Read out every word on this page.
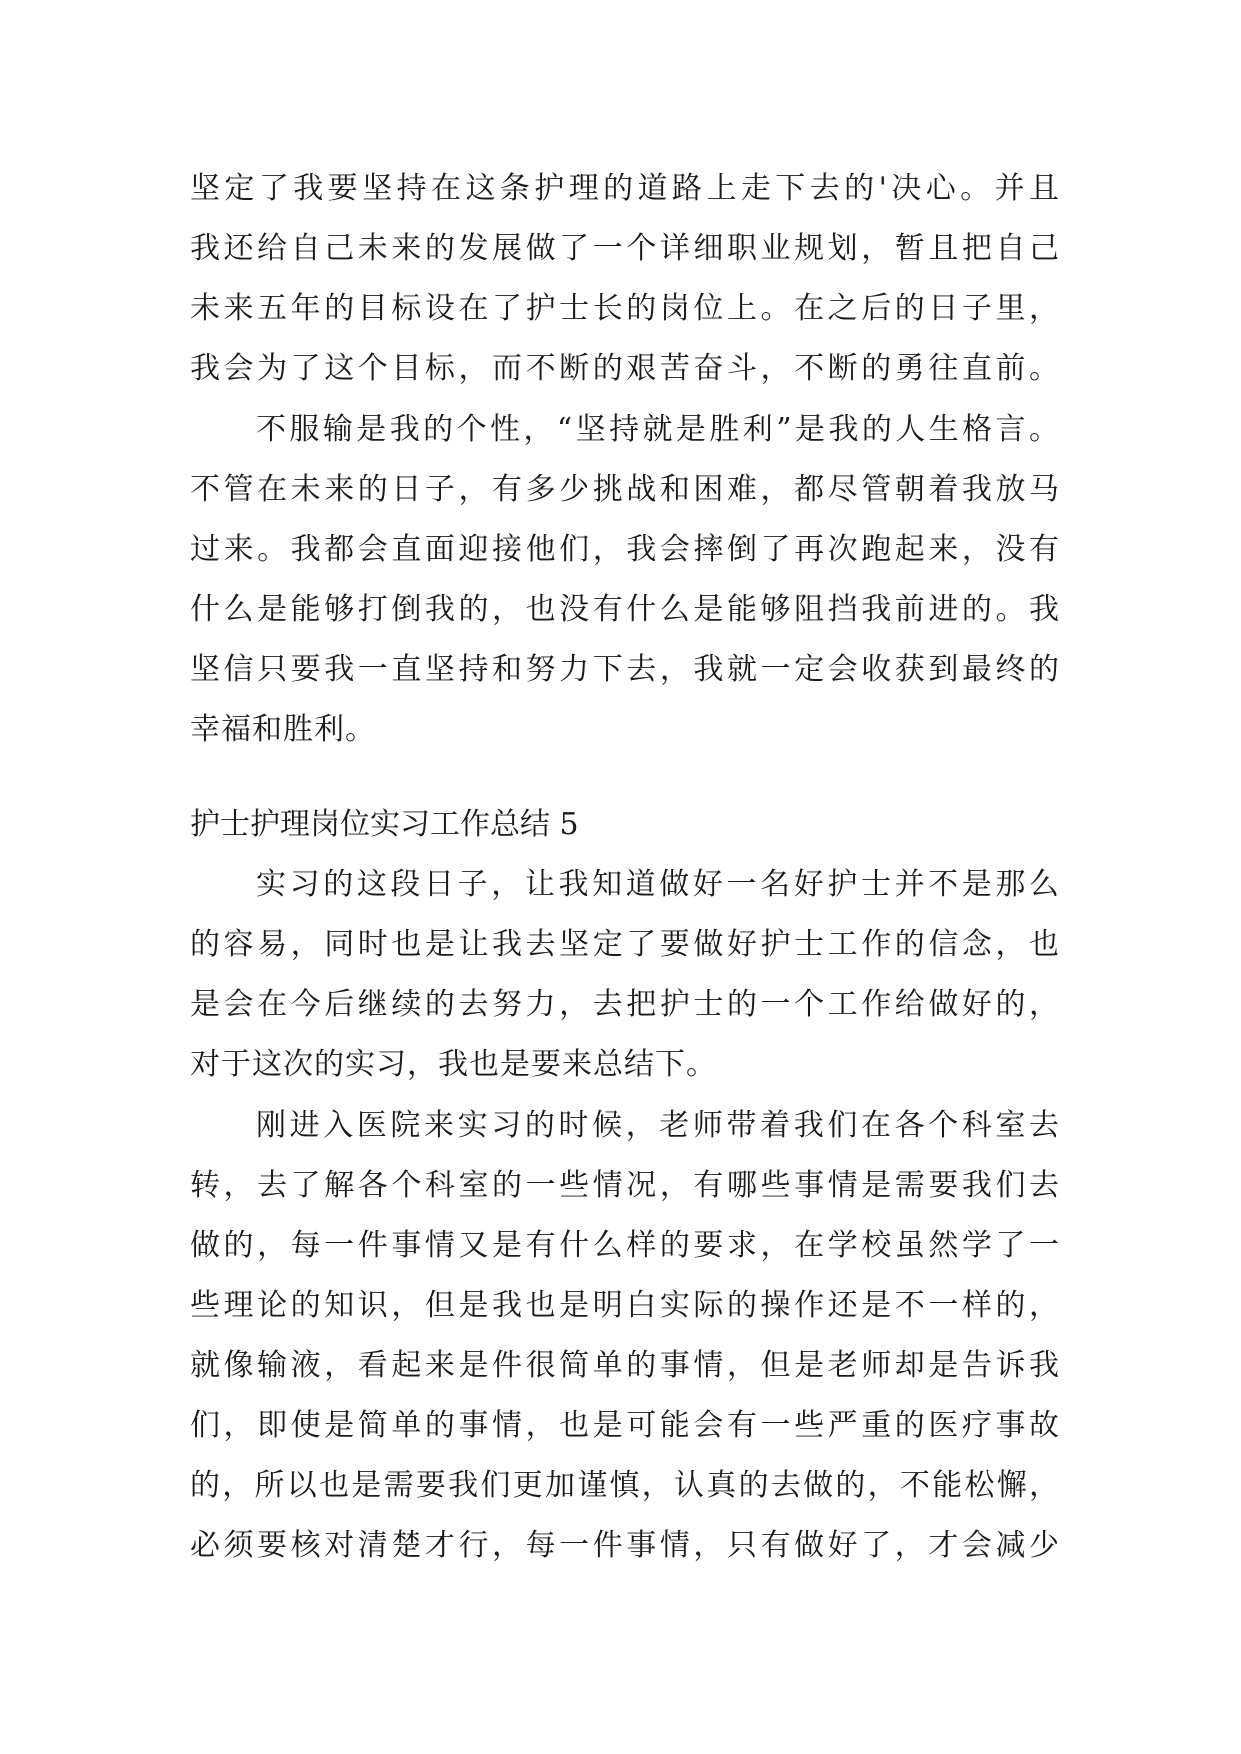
坚定了我要坚持在这条护理的道路上走下去的'决心。并且
我还给自己未来的发展做了一个详细职业规划，暂且把自己
未来五年的目标设在了护士长的岗位上。在之后的日子里，
我会为了这个目标，而不断的艰苦奋斗，不断的勇往直前。
不服输是我的个性，“坚持就是胜利”是我的人生格言。
不管在未来的日子，有多少挑战和困难，都尽管朝着我放马
过来。我都会直面迎接他们，我会摔倒了再次跑起来，没有
什么是能够打倒我的，也没有什么是能够阻挡我前进的。我
坚信只要我一直坚持和努力下去，我就一定会收获到最终的
幸福和胜利。
护士护理岗位实习工作总结 5
实习的这段日子，让我知道做好一名好护士并不是那么
的容易，同时也是让我去坚定了要做好护士工作的信念，也
是会在今后继续的去努力，去把护士的一个工作给做好的，
对于这次的实习，我也是要来总结下。
刚进入医院来实习的时候，老师带着我们在各个科室去
转，去了解各个科室的一些情况，有哪些事情是需要我们去
做的，每一件事情又是有什么样的要求，在学校虽然学了一
些理论的知识，但是我也是明白实际的操作还是不一样的，
就像输液，看起来是件很简单的事情，但是老师却是告诉我
们，即使是简单的事情，也是可能会有一些严重的医疗事故
的，所以也是需要我们更加谨慎，认真的去做的，不能松懈，
必须要核对清楚才行，每一件事情，只有做好了，才会减少
